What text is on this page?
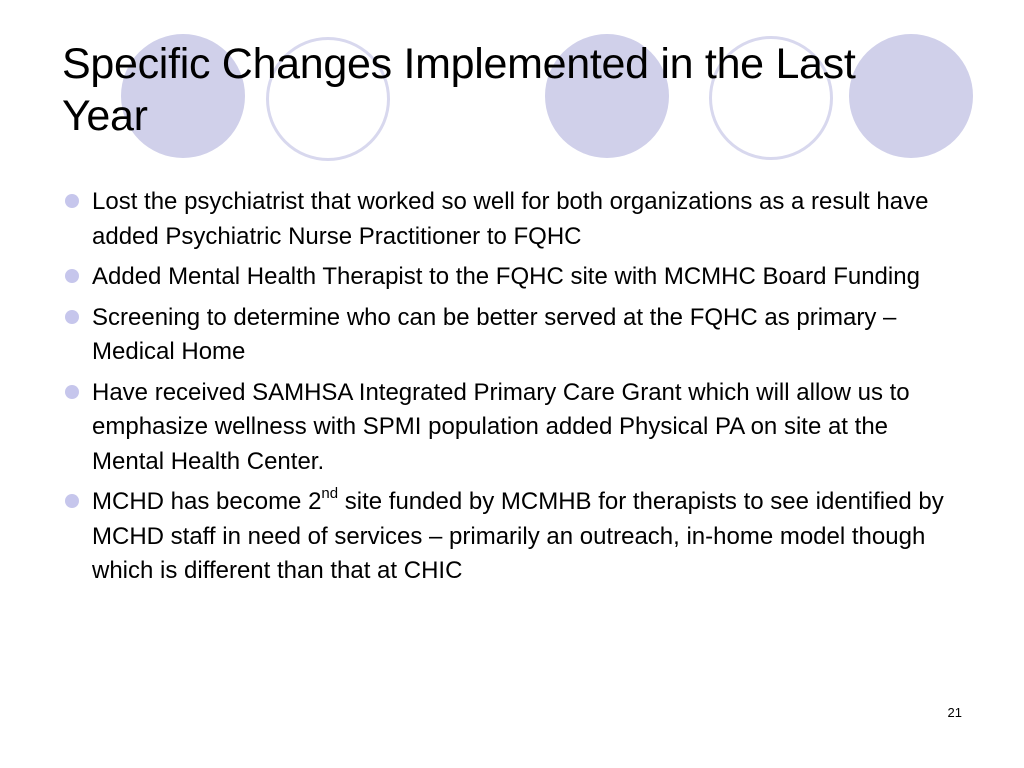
Specific Changes Implemented in the Last Year
Lost the psychiatrist that worked so well for both organizations as a result have added Psychiatric Nurse Practitioner to FQHC
Added Mental Health Therapist to the FQHC site with MCMHC Board Funding
Screening to determine who can be better served at the FQHC as primary – Medical Home
Have received SAMHSA Integrated Primary Care Grant which will allow us to emphasize wellness with SPMI population added Physical PA on site at the Mental Health Center.
MCHD has become 2nd site funded by MCMHB for therapists to see identified by MCHD staff in need of services – primarily an outreach, in-home model though which is different than that at CHIC
21
